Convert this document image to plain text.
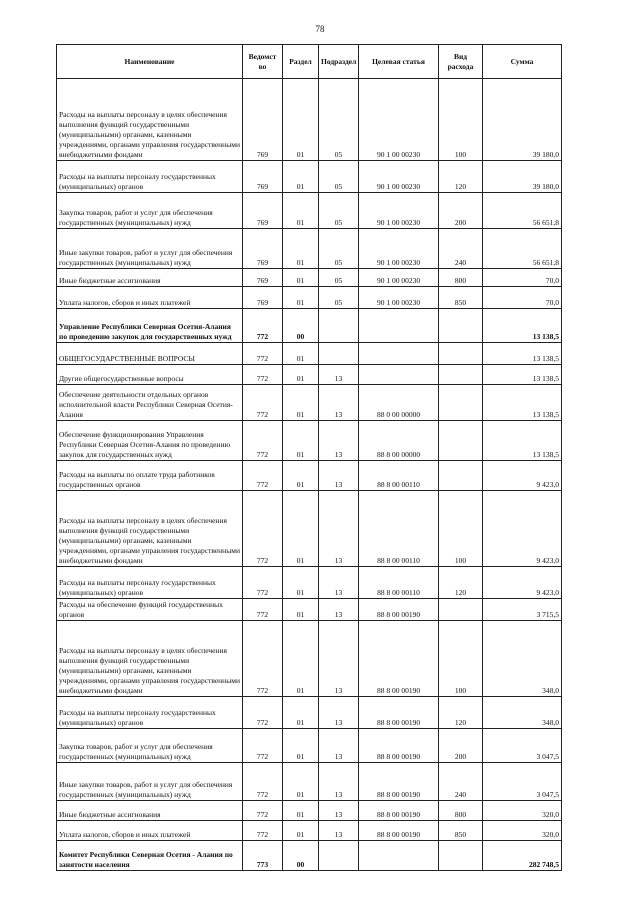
78
Наименование	Ведомст во	Раздел	Подраздел	Целевая статья	Вид расхода	Сумма
Расходы на выплаты персоналу в целях обеспечения выполнения функций государственными (муниципальными) органами, казенными учреждениями, органами управления государственными внебюджетными фондами	769	01	05	90 1 00 00230	100	39 180,0
Расходы на выплаты персоналу государственных (муниципальных) органов	769	01	05	90 1 00 00230	120	39 180,0
Закупка товаров, работ и услуг для обеспечения государственных (муниципальных) нужд	769	01	05	90 1 00 00230	200	56 651,8
Иные закупки товаров, работ и услуг для обеспечения государственных (муниципальных) нужд	769	01	05	90 1 00 00230	240	56 651,8
Иные бюджетные ассигнования	769	01	05	90 1 00 00230	800	70,0
Уплата налогов, сборов и иных платежей	769	01	05	90 1 00 00230	850	70,0
Управление Республики Северная Осетия-Алания по проведению закупок для государственных нужд	772	00				13 138,5
ОБЩЕГОСУДАРСТВЕННЫЕ ВОПРОСЫ	772	01				13 138,5
Другие общегосударственные вопросы	772	01	13			13 138,5
Обеспечение деятельности отдельных органов исполнительной власти Республики Северная Осетия-Алания	772	01	13	88 0 00 00000		13 138,5
Обеспечение функционирования Управления Республики Северная Осетия-Алания по проведению закупок для государственных нужд	772	01	13	88 8 00 00000		13 138,5
Расходы на выплаты по оплате труда работников государственных органов	772	01	13	88 8 00 00110		9 423,0
Расходы на выплаты персоналу в целях обеспечения выполнения функций государственными (муниципальными) органами, казенными учреждениями, органами управления государственными внебюджетными фондами	772	01	13	88 8 00 00110	100	9 423,0
Расходы на выплаты персоналу государственных (муниципальных) органов	772	01	13	88 8 00 00110	120	9 423,0
Расходы на обеспечение функций государственных органов	772	01	13	88 8 00 00190		3 715,5
Расходы на выплаты персоналу в целях обеспечения выполнения функций государственными (муниципальными) органами, казенными учреждениями, органами управления государственными внебюджетными фондами	772	01	13	88 8 00 00190	100	348,0
Расходы на выплаты персоналу государственных (муниципальных) органов	772	01	13	88 8 00 00190	120	348,0
Закупка товаров, работ и услуг для обеспечения государственных (муниципальных) нужд	772	01	13	88 8 00 00190	200	3 047,5
Иные закупки товаров, работ и услуг для обеспечения государственных (муниципальных) нужд	772	01	13	88 8 00 00190	240	3 047,5
Иные бюджетные ассигнования	772	01	13	88 8 00 00190	800	320,0
Уплата налогов, сборов и иных платежей	772	01	13	88 8 00 00190	850	320,0
Комитет Республики Северная Осетия - Алания по занятости населения	773	00				282 748,5
